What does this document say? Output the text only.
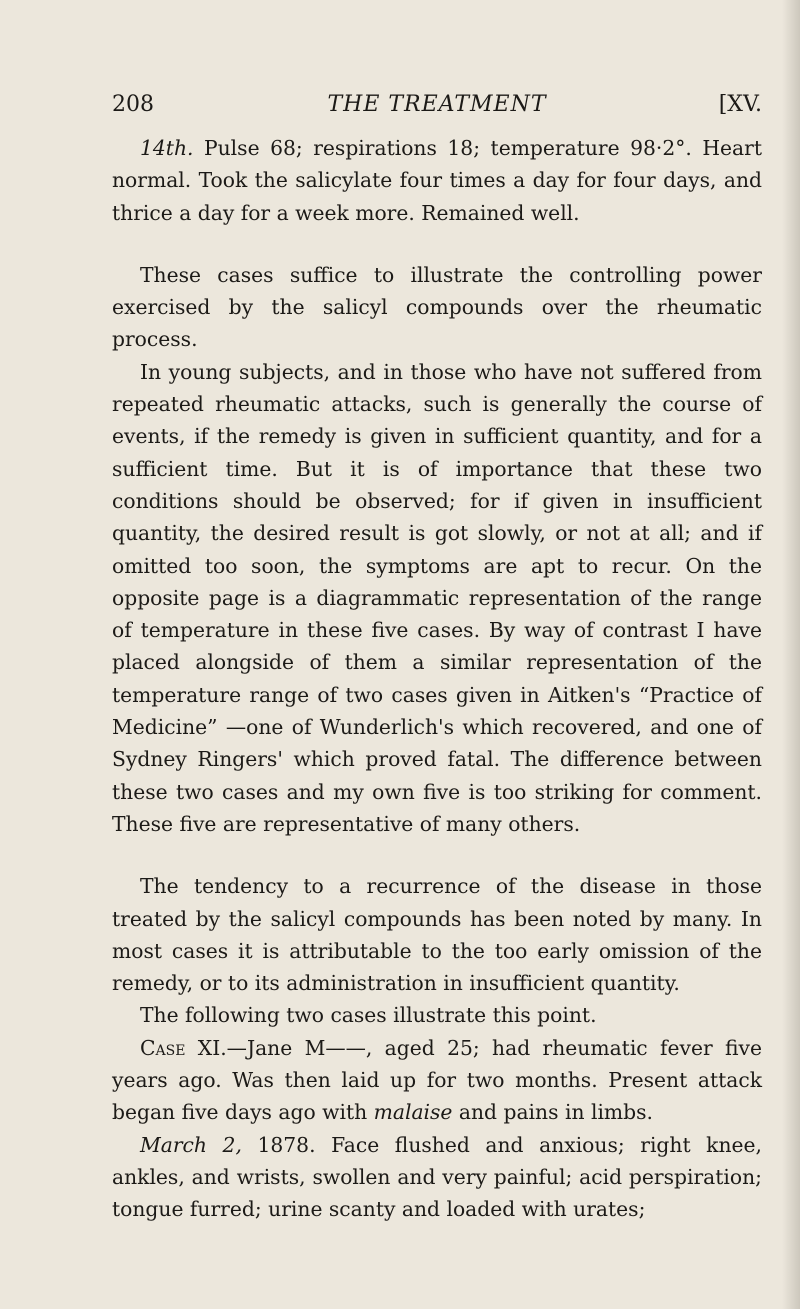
208	THE TREATMENT	[XV.

14th. Pulse 68; respirations 18; temperature 98·2°. Heart normal. Took the salicylate four times a day for four days, and thrice a day for a week more. Remained well.

These cases suffice to illustrate the controlling power exercised by the salicyl compounds over the rheumatic process.

In young subjects, and in those who have not suffered from repeated rheumatic attacks, such is generally the course of events, if the remedy is given in sufficient quantity, and for a sufficient time. But it is of importance that these two conditions should be observed; for if given in insufficient quantity, the desired result is got slowly, or not at all; and if omitted too soon, the symptoms are apt to recur. On the opposite page is a diagrammatic representation of the range of temperature in these five cases. By way of contrast I have placed alongside of them a similar representation of the temperature range of two cases given in Aitken's “Practice of Medicine” —one of Wunderlich's which recovered, and one of Sydney Ringers' which proved fatal. The difference between these two cases and my own five is too striking for comment. These five are representative of many others.

The tendency to a recurrence of the disease in those treated by the salicyl compounds has been noted by many. In most cases it is attributable to the too early omission of the remedy, or to its administration in insufficient quantity.

The following two cases illustrate this point.

Case XI.—Jane M——, aged 25; had rheumatic fever five years ago. Was then laid up for two months. Present attack began five days ago with malaise and pains in limbs.

March 2, 1878. Face flushed and anxious; right knee, ankles, and wrists, swollen and very painful; acid perspiration; tongue furred; urine scanty and loaded with urates;
